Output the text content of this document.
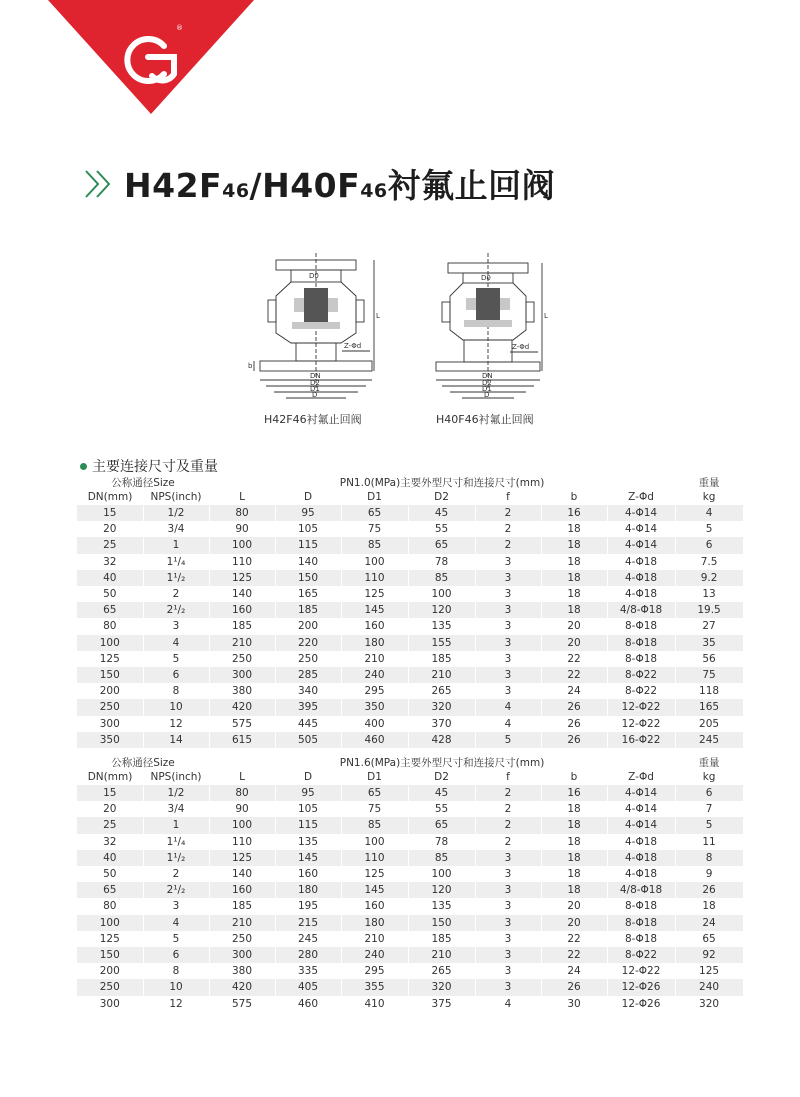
®
H42F46/H40F46衬氟止回阀
D0
Z-Φd
DN
D2
D1
D
L
b
H42F46衬氟止回阀
D0
Z-Φd
DN
D2
D1
D
L
H40F46衬氟止回阀
主要连接尺寸及重量
公称通径Size		PN1.0(MPa)主要外型尺寸和连接尺寸(mm)							重量
DN(mm)	NPS(inch)	L	D	D1	D2	f	b	Z-Φd	kg
15	1/2	80	95	65	45	2	16	4-Φ14	4
20	3/4	90	105	75	55	2	18	4-Φ14	5
25	1	100	115	85	65	2	18	4-Φ14	6
32	1¹/₄	110	140	100	78	3	18	4-Φ18	7.5
40	1¹/₂	125	150	110	85	3	18	4-Φ18	9.2
50	2	140	165	125	100	3	18	4-Φ18	13
65	2¹/₂	160	185	145	120	3	18	4/8-Φ18	19.5
80	3	185	200	160	135	3	20	8-Φ18	27
100	4	210	220	180	155	3	20	8-Φ18	35
125	5	250	250	210	185	3	22	8-Φ18	56
150	6	300	285	240	210	3	22	8-Φ22	75
200	8	380	340	295	265	3	24	8-Φ22	118
250	10	420	395	350	320	4	26	12-Φ22	165
300	12	575	445	400	370	4	26	12-Φ22	205
350	14	615	505	460	428	5	26	16-Φ22	245
公称通径Size		PN1.6(MPa)主要外型尺寸和连接尺寸(mm)							重量
DN(mm)	NPS(inch)	L	D	D1	D2	f	b	Z-Φd	kg
15	1/2	80	95	65	45	2	16	4-Φ14	6
20	3/4	90	105	75	55	2	18	4-Φ14	7
25	1	100	115	85	65	2	18	4-Φ14	5
32	1¹/₄	110	135	100	78	2	18	4-Φ18	11
40	1¹/₂	125	145	110	85	3	18	4-Φ18	8
50	2	140	160	125	100	3	18	4-Φ18	9
65	2¹/₂	160	180	145	120	3	18	4/8-Φ18	26
80	3	185	195	160	135	3	20	8-Φ18	18
100	4	210	215	180	150	3	20	8-Φ18	24
125	5	250	245	210	185	3	22	8-Φ18	65
150	6	300	280	240	210	3	22	8-Φ22	92
200	8	380	335	295	265	3	24	12-Φ22	125
250	10	420	405	355	320	3	26	12-Φ26	240
300	12	575	460	410	375	4	30	12-Φ26	320
